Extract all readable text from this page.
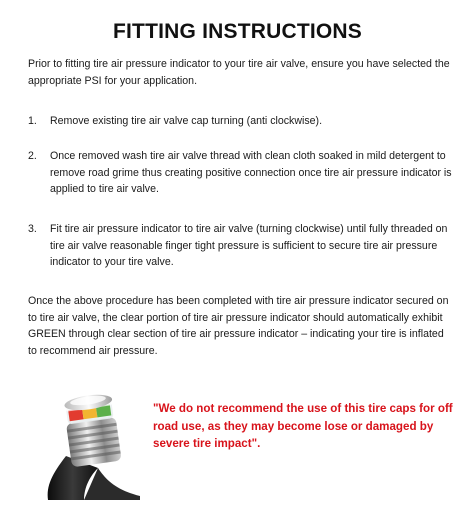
FITTING INSTRUCTIONS
Prior to fitting tire air pressure indicator to your tire air valve, ensure you have selected the appropriate PSI for your application.
1.	Remove existing tire air valve cap turning (anti clockwise).
2.	Once removed wash tire air valve thread with clean cloth soaked in mild detergent to remove road grime thus creating positive connection once tire air pressure indicator is applied to tire air valve.
3.	Fit tire air pressure indicator to tire air valve (turning clockwise) until fully threaded on tire air valve reasonable finger tight pressure is sufficient to secure tire air pressure indicator to your tire valve.
Once the above procedure has been completed with tire air pressure indicator secured on to tire air valve, the clear portion of tire air pressure indicator should automatically exhibit GREEN through clear section of tire air pressure indicator – indicating your tire is inflated to recommend air pressure.
"We do not recommend the use of this tire caps for off road use, as they may become lose or damaged by severe tire impact".
